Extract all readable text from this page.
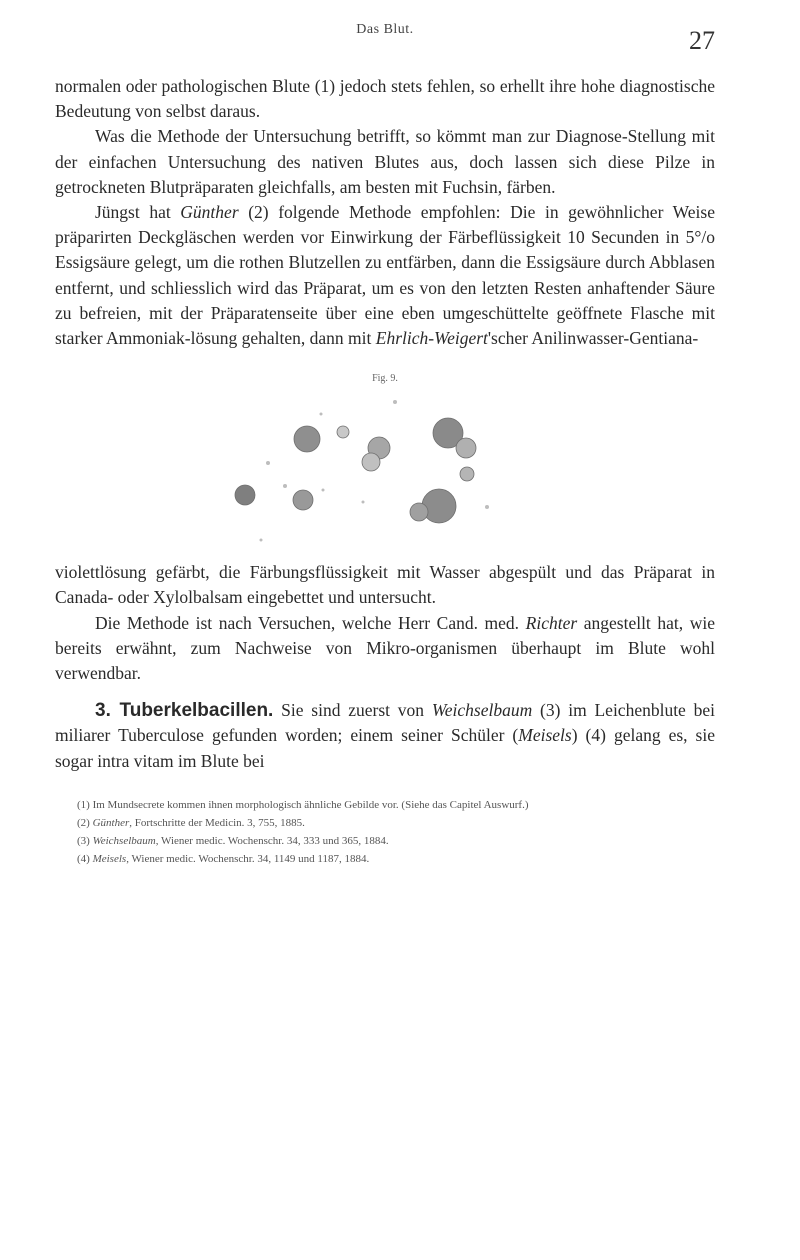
Das Blut.	27

normalen oder pathologischen Blute (1) jedoch stets fehlen, so erhellt ihre hohe diagnostische Bedeutung von selbst daraus.

Was die Methode der Untersuchung betrifft, so kömmt man zur Diagnose-Stellung mit der einfachen Untersuchung des nativen Blutes aus, doch lassen sich diese Pilze in getrockneten Blutpräparaten gleichfalls, am besten mit Fuchsin, färben.

Jüngst hat Günther (2) folgende Methode empfohlen: Die in gewöhnlicher Weise präparirten Deckgläschen werden vor Einwirkung der Färbeflüssigkeit 10 Secunden in 5°/o Essigsäure gelegt, um die rothen Blutzellen zu entfärben, dann die Essigsäure durch Abblasen entfernt, und schliesslich wird das Präparat, um es von den letzten Resten anhaftender Säure zu befreien, mit der Präparatenseite über eine eben umgeschüttelte geöffnete Flasche mit starker Ammoniak-lösung gehalten, dann mit Ehrlich-Weigert'scher Anilinwasser-Gentiana-

Fig. 9.

violettlösung gefärbt, die Färbungsflüssigkeit mit Wasser abgespült und das Präparat in Canada- oder Xylolbalsam eingebettet und untersucht.

Die Methode ist nach Versuchen, welche Herr Cand. med. Richter angestellt hat, wie bereits erwähnt, zum Nachweise von Mikro-organismen überhaupt im Blute wohl verwendbar.

3. Tuberkelbacillen. Sie sind zuerst von Weichselbaum (3) im Leichenblute bei miliarer Tuberculose gefunden worden; einem seiner Schüler (Meisels) (4) gelang es, sie sogar intra vitam im Blute bei

(1) Im Mundsecrete kommen ihnen morphologisch ähnliche Gebilde vor. (Siehe das Capitel Auswurf.)

(2) Günther, Fortschritte der Medicin. 3, 755, 1885.

(3) Weichselbaum, Wiener medic. Wochenschr. 34, 333 und 365, 1884.

(4) Meisels, Wiener medic. Wochenschr. 34, 1149 und 1187, 1884.
